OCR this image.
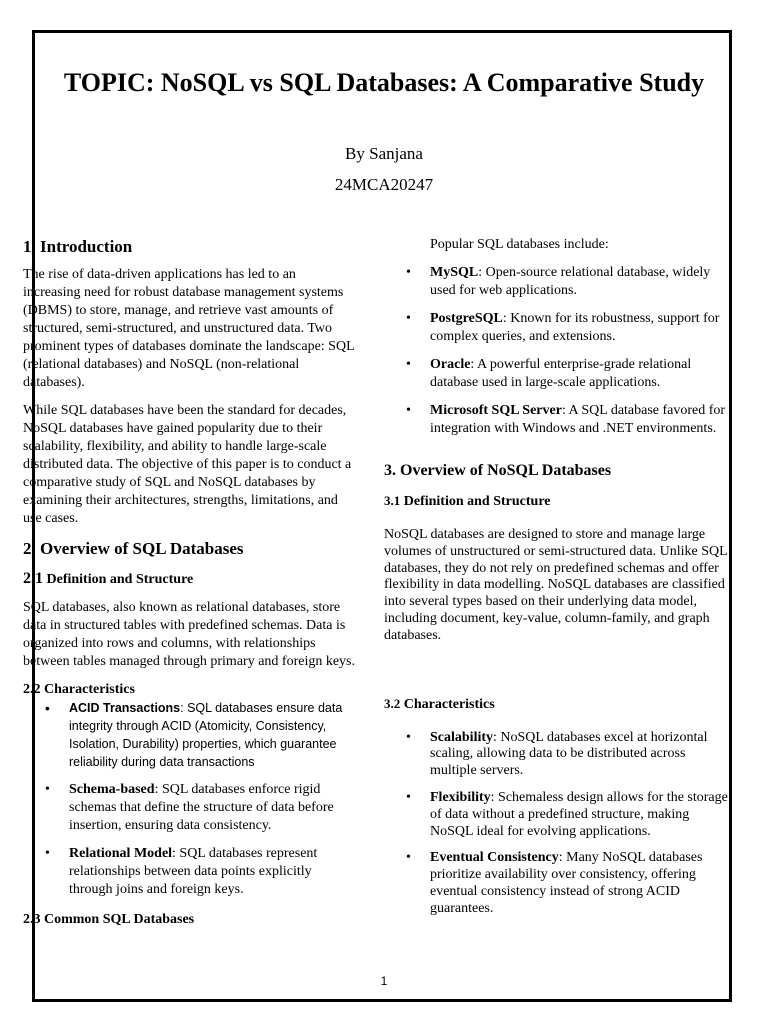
TOPIC: NoSQL vs SQL Databases: A Comparative Study

By Sanjana

24MCA20247

1. Introduction

The rise of data-driven applications has led to an increasing need for robust database management systems (DBMS) to store, manage, and retrieve vast amounts of structured, semi-structured, and unstructured data. Two prominent types of databases dominate the landscape: SQL (relational databases) and NoSQL (non-relational databases).

While SQL databases have been the standard for decades, NoSQL databases have gained popularity due to their scalability, flexibility, and ability to handle large-scale distributed data. The objective of this paper is to conduct a comparative study of SQL and NoSQL databases by examining their architectures, strengths, limitations, and use cases.

2. Overview of SQL Databases
2.1 Definition and Structure

SQL databases, also known as relational databases, store data in structured tables with predefined schemas. Data is organized into rows and columns, with relationships between tables managed through primary and foreign keys.

2.2 Characteristics
• ACID Transactions: SQL databases ensure data integrity through ACID (Atomicity, Consistency, Isolation, Durability) properties, which guarantee reliability during data transactions
• Schema-based: SQL databases enforce rigid schemas that define the structure of data before insertion, ensuring data consistency.
• Relational Model: SQL databases represent relationships between data points explicitly through joins and foreign keys.
2.3 Common SQL Databases

Popular SQL databases include:

• MySQL: Open-source relational database, widely used for web applications.
• PostgreSQL: Known for its robustness, support for complex queries, and extensions.
• Oracle: A powerful enterprise-grade relational database used in large-scale applications.
• Microsoft SQL Server: A SQL database favored for integration with Windows and .NET environments.
3. Overview of NoSQL Databases
3.1 Definition and Structure

NoSQL databases are designed to store and manage large volumes of unstructured or semi-structured data. Unlike SQL databases, they do not rely on predefined schemas and offer flexibility in data modelling. NoSQL databases are classified into several types based on their underlying data model, including document, key-value, column-family, and graph databases.

3.2 Characteristics
• Scalability: NoSQL databases excel at horizontal scaling, allowing data to be distributed across multiple servers.
• Flexibility: Schemaless design allows for the storage of data without a predefined structure, making NoSQL ideal for evolving applications.
• Eventual Consistency: Many NoSQL databases prioritize availability over consistency, offering eventual consistency instead of strong ACID guarantees.
1
